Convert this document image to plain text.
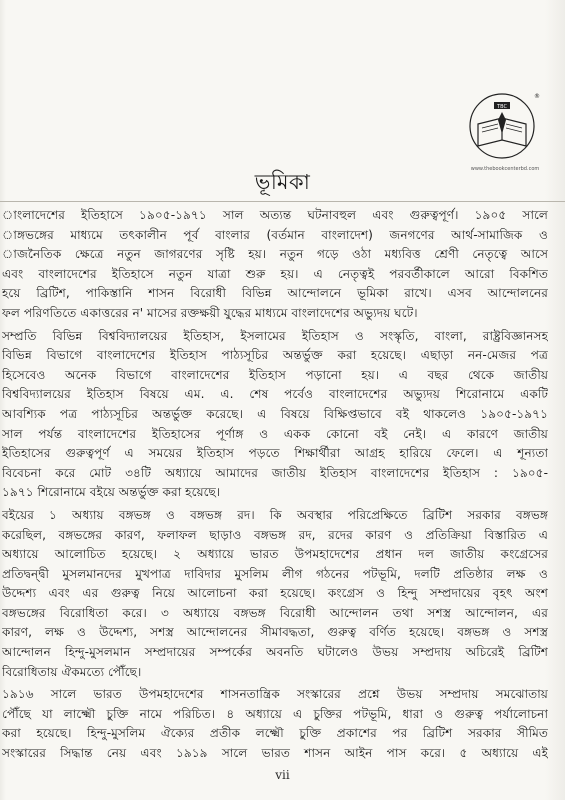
®
TBC
www.thebookcenterbd.com
ভূমিকা
াংলাদেশের ইতিহাসে ১৯০৫-১৯৭১ সাল অত্যন্ত ঘটনাবহুল এবং গুরুত্বপূর্ণ। ১৯০৫ সালে
াঙ্গভঙ্গের মাধ্যমে তৎকালীন পূর্ব বাংলার (বর্তমান বাংলাদেশ) জনগণের আর্থ-সামাজিক ও
াজনৈতিক ক্ষেত্রে নতুন জাগরণের সৃষ্টি হয়। নতুন গড়ে ওঠা মধ্যবিত্ত শ্রেণী নেতৃত্বে আসে
এবং বাংলাদেশের ইতিহাসে নতুন যাত্রা শুরু হয়। এ নেতৃত্বই পরবর্তীকালে আরো বিকশিত
হয়ে ব্রিটিশ, পাকিস্তানি শাসন বিরোধী বিভিন্ন আন্দোলনে ভূমিকা রাখে। এসব আন্দোলনের
ফল পরিণতিতে একাত্তরের ন' মাসের রক্তক্ষয়ী যুদ্ধের মাধ্যমে বাংলাদেশের অভ্যুদয় ঘটে।
সম্প্রতি বিভিন্ন বিশ্ববিদ্যালয়ের ইতিহাস, ইসলামের ইতিহাস ও সংস্কৃতি, বাংলা, রাষ্ট্রবিজ্ঞানসহ
বিভিন্ন বিভাগে বাংলাদেশের ইতিহাস পাঠ্যসূচির অন্তর্ভুক্ত করা হয়েছে। এছাড়া নন-মেজর পত্র
হিসেবেও অনেক বিভাগে বাংলাদেশের ইতিহাস পড়ানো হয়। এ বছর থেকে জাতীয়
বিশ্ববিদ্যালয়ের ইতিহাস বিষয়ে এম. এ. শেষ পর্বেও বাংলাদেশের অভ্যুদয় শিরোনামে একটি
আবশ্যিক পত্র পাঠ্যসূচির অন্তর্ভুক্ত করেছে। এ বিষয়ে বিক্ষিপ্তভাবে বই থাকলেও ১৯০৫-১৯৭১
সাল পর্যন্ত বাংলাদেশের ইতিহাসের পূর্ণাঙ্গ ও একক কোনো বই নেই। এ কারণে জাতীয়
ইতিহাসের গুরুত্বপূর্ণ এ সময়ের ইতিহাস পড়তে শিক্ষার্থীরা আগ্রহ হারিয়ে ফেলে। এ শূন্যতা
বিবেচনা করে মোট ৩৪টি অধ্যায়ে আমাদের জাতীয় ইতিহাস বাংলাদেশের ইতিহাস : ১৯০৫-
১৯৭১ শিরোনামে বইয়ে অন্তর্ভুক্ত করা হয়েছে।
বইয়ের ১ অধ্যায় বঙ্গভঙ্গ ও বঙ্গভঙ্গ রদ। কি অবস্থার পরিপ্রেক্ষিতে ব্রিটিশ সরকার বঙ্গভঙ্গ
করেছিল, বঙ্গভঙ্গের কারণ, ফলাফল ছাড়াও বঙ্গভঙ্গ রদ, রদের কারণ ও প্রতিক্রিয়া বিস্তারিত এ
অধ্যায়ে আলোচিত হয়েছে। ২ অধ্যায়ে ভারত উপমহাদেশের প্রধান দল জাতীয় কংগ্রেসের
প্রতিদ্বন্দ্বী মুসলমানদের মুখপাত্র দাবিদার মুসলিম লীগ গঠনের পটভূমি, দলটি প্রতিষ্ঠার লক্ষ ও
উদ্দেশ্য এবং এর গুরুত্ব নিয়ে আলোচনা করা হয়েছে। কংগ্রেস ও হিন্দু সম্প্রদায়ের বৃহৎ অংশ
বঙ্গভঙ্গের বিরোধিতা করে। ৩ অধ্যায়ে বঙ্গভঙ্গ বিরোধী আন্দোলন তথা সশস্ত্র আন্দোলন, এর
কারণ, লক্ষ ও উদ্দেশ্য, সশস্ত্র আন্দোলনের সীমাবদ্ধতা, গুরুত্ব বর্ণিত হয়েছে। বঙ্গভঙ্গ ও সশস্ত্র
আন্দোলন হিন্দু-মুসলমান সম্প্রদায়ের সম্পর্কের অবনতি ঘটালেও উভয় সম্প্রদায় অচিরেই ব্রিটিশ
বিরোধিতায় ঐকমত্যে পৌঁছে।
১৯১৬ সালে ভারত উপমহাদেশের শাসনতান্ত্রিক সংস্কারের প্রশ্নে উভয় সম্প্রদায় সমঝোতায়
পৌঁছে যা লাক্ষ্মৌ চুক্তি নামে পরিচিত। ৪ অধ্যায়ে এ চুক্তির পটভূমি, ধারা ও গুরুত্ব পর্যালোচনা
করা হয়েছে। হিন্দু-মুসলিম ঐক্যের প্রতীক লক্ষ্মৌ চুক্তি প্রকাশের পর ব্রিটিশ সরকার সীমিত
সংস্কারের সিদ্ধান্ত নেয় এবং ১৯১৯ সালে ভারত শাসন আইন পাস করে। ৫ অধ্যায়ে এই
vii
